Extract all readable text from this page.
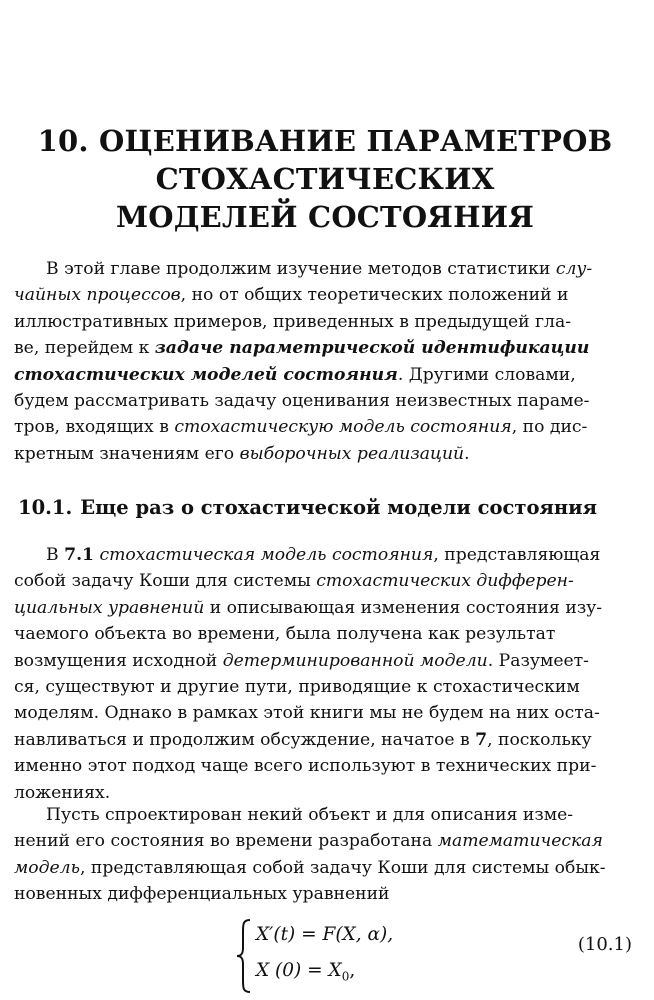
10. ОЦЕНИВАНИЕ ПАРАМЕТРОВ
СТОХАСТИЧЕСКИХ
МОДЕЛЕЙ СОСТОЯНИЯ

В этой главе продолжим изучение методов статистики слу-
чайных процессов, но от общих теоретических положений и
иллюстративных примеров, приведенных в предыдущей гла-
ве, перейдем к задаче параметрической идентификации
стохастических моделей состояния. Другими словами,
будем рассматривать задачу оценивания неизвестных параме-
тров, входящих в стохастическую модель состояния, по дис-
кретным значениям его выборочных реализаций.

10.1. Еще раз о стохастической модели состояния

В 7.1 стохастическая модель состояния, представляющая
собой задачу Коши для системы стохастических дифферен-
циальных уравнений и описывающая изменения состояния изу-
чаемого объекта во времени, была получена как результат
возмущения исходной детерминированной модели. Разумеет-
ся, существуют и другие пути, приводящие к стохастическим
моделям. Однако в рамках этой книги мы не будем на них оста-
навливаться и продолжим обсуждение, начатое в 7, поскольку
именно этот подход чаще всего используют в технических при-
ложениях.

Пусть спроектирован некий объект и для описания изме-
нений его состояния во времени разработана математическая
модель, представляющая собой задачу Коши для системы обык-
новенных дифференциальных уравнений

X′(t) = F(X, α),
X $(0) = X_0$,
(10.1)
